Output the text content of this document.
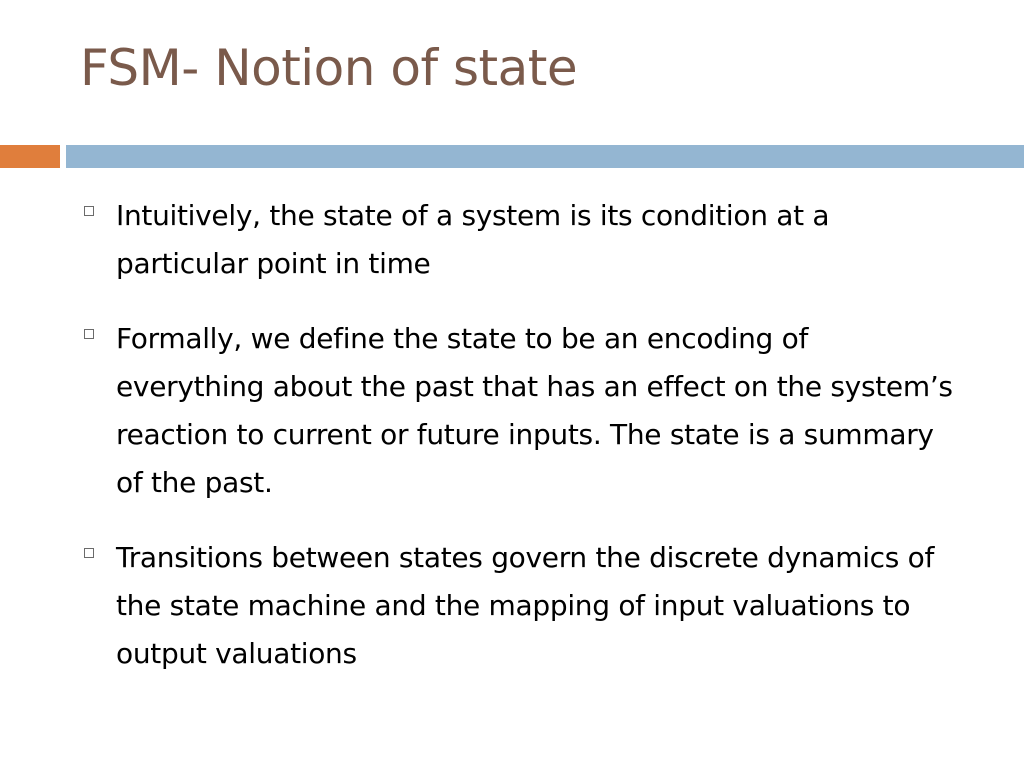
FSM- Notion of state
Intuitively, the state of a system is its condition at a particular point in time
Formally, we define the state to be an encoding of everything about the past that has an effect on the system’s reaction to current or future inputs. The state is a summary of the past.
Transitions between states govern the discrete dynamics of the state machine and the mapping of input valuations to output valuations
